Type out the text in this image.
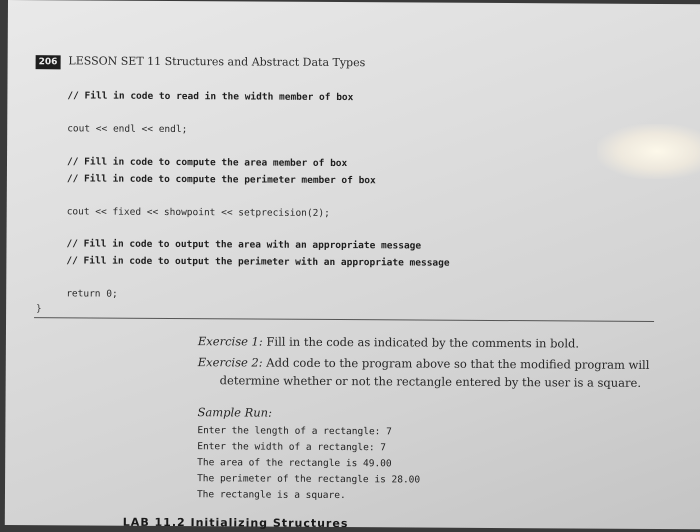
206 LESSON SET 11 Structures and Abstract Data Types
// Fill in code to read in the width member of box
cout << endl << endl;
// Fill in code to compute the area member of box
// Fill in code to compute the perimeter member of box
cout << fixed << showpoint << setprecision(2);
// Fill in code to output the area with an appropriate message
// Fill in code to output the perimeter with an appropriate message
return 0;
}
Exercise 1: Fill in the code as indicated by the comments in bold.
Exercise 2: Add code to the program above so that the modified program will
determine whether or not the rectangle entered by the user is a square.
Sample Run:
Enter the length of a rectangle: 7
Enter the width of a rectangle: 7
The area of the rectangle is 49.00
The perimeter of the rectangle is 28.00
The rectangle is a square.
LAB 11.2 Initializing Structures
